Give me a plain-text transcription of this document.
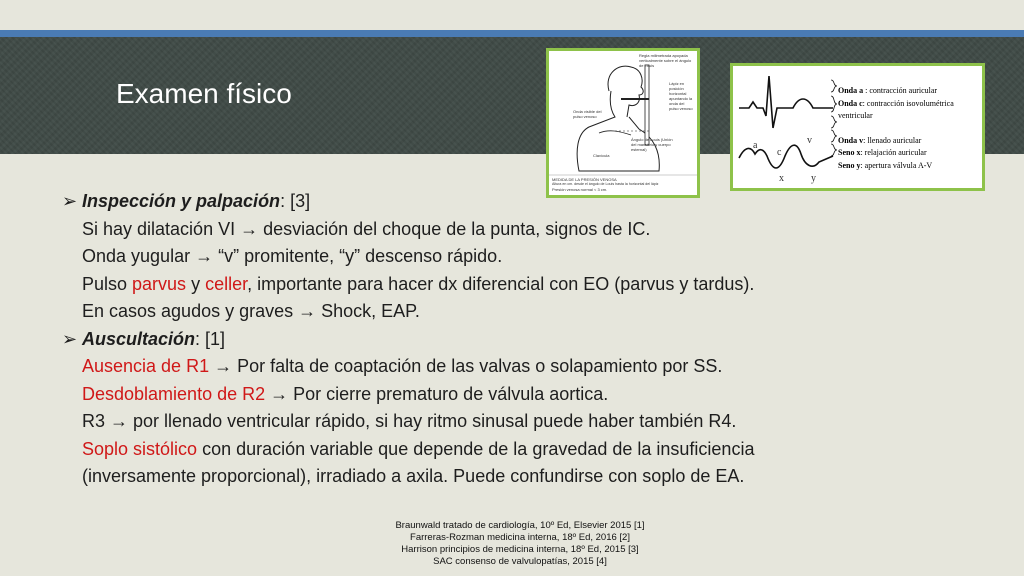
Examen físico
Regla milimetrada apoyada verticalmente sobre el ángulo de Louis
Lápiz en posición horizontal apuntando la onda del pulso venoso
Onda visible del pulso venoso
Ángulo de Louis (Unión del manubrio y cuerpo esternal)
Clavícula
MEDIDA DE LA PRESIÓN VENOSA
Altura en cm. desde el ángulo de Louis hasta la horizontal del lápiz
Presión venosa normal < 3 cm.
a
c
v
x	y
Onda a : contracción auricular
Onda c: contracción isovolumétrica ventricular
Onda v: llenado auricular
Seno x: relajación auricular
Seno y: apertura válvula A-V
➢ Inspección y palpación: [3]
Si hay dilatación VI → desviación del choque de la punta, signos de IC.
Onda yugular → “v” promitente, “y” descenso rápido.
Pulso parvus y celler, importante para hacer dx diferencial con EO (parvus y tardus).
En casos agudos y graves → Shock, EAP.
➢ Auscultación: [1]
Ausencia de R1 → Por falta de coaptación de las valvas o solapamiento por SS.
Desdoblamiento de R2 → Por cierre prematuro de válvula aortica.
R3 → por llenado ventricular rápido, si hay ritmo sinusal puede haber también R4.
Soplo sistólico con duración variable que depende de la gravedad de la insuficiencia
(inversamente proporcional), irradiado a axila. Puede confundirse con soplo de EA.
Braunwald tratado de cardiología, 10º Ed, Elsevier 2015 [1]
Farreras-Rozman medicina interna, 18º Ed, 2016 [2]
Harrison principios de medicina interna, 18º Ed, 2015 [3]
SAC consenso de valvulopatías, 2015 [4]
